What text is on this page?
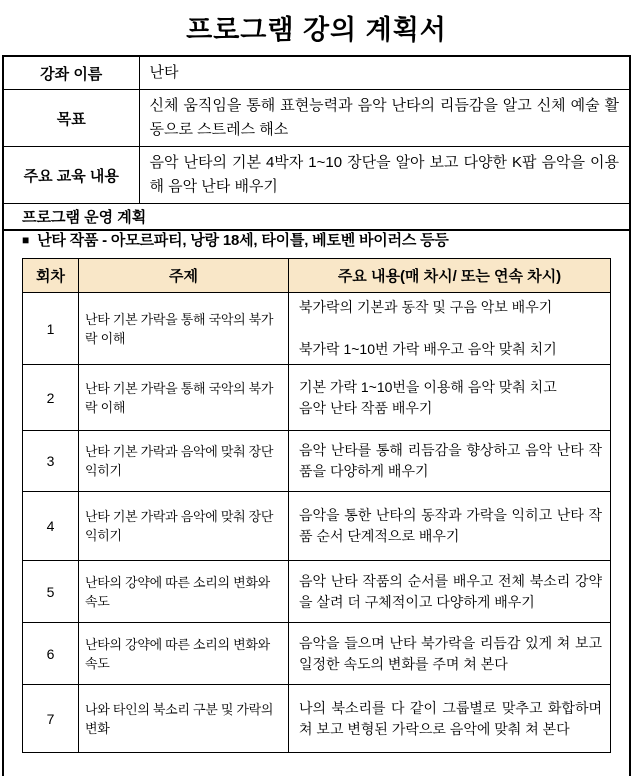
프로그램 강의 계획서
강좌 이름	난타
목표	신체 움직임을 통해 표현능력과 음악 난타의 리듬감을 알고 신체 예술 활동으로 스트레스 해소
주요 교육 내용	음악 난타의 기본 4박자 1~10 장단을 알아 보고 다양한 K팝 음악을 이용해 음악 난타 배우기
프로그램 운영 계획	
■ 난타 작품 - 아모르파티, 낭랑 18세, 타이틀, 베토벤 바이러스 등등
회차	주제	주요 내용(매 차시/ 또는 연속 차시)
1	난타 기본 가락을 통해 국악의 북가락 이해	북가락의 기본과 동작 및 구음 악보 배우기
북가락 1~10번 가락 배우고 음악 맞춰 치기

2	난타 기본 가락을 통해 국악의 북가락 이해	기본 가락 1~10번을 이용해 음악 맞춰 치고
음악 난타 작품 배우기

3	난타 기본 가락과 음악에 맞춰 장단 익히기	음악 난타를 통해 리듬감을 향상하고 음악 난타 작품을 다양하게 배우기

4	난타 기본 가락과 음악에 맞춰 장단 익히기	음악을 통한 난타의 동작과 가락을 익히고 난타 작품 순서 단계적으로 배우기

5	난타의 강약에 따른 소리의 변화와 속도	음악 난타 작품의 순서를 배우고 전체 북소리 강약을 살려 더 구체적이고 다양하게 배우기

6	난타의 강약에 따른 소리의 변화와 속도	음악을 들으며 난타 북가락을 리듬감 있게 쳐 보고 일정한 속도의 변화를 주며 쳐 본다

7	나와 타인의 북소리 구분 및 가락의 변화	나의 북소리를 다 같이 그룹별로 맞추고 화합하며 쳐 보고 변형된 가락으로 음악에 맞춰 쳐 본다
